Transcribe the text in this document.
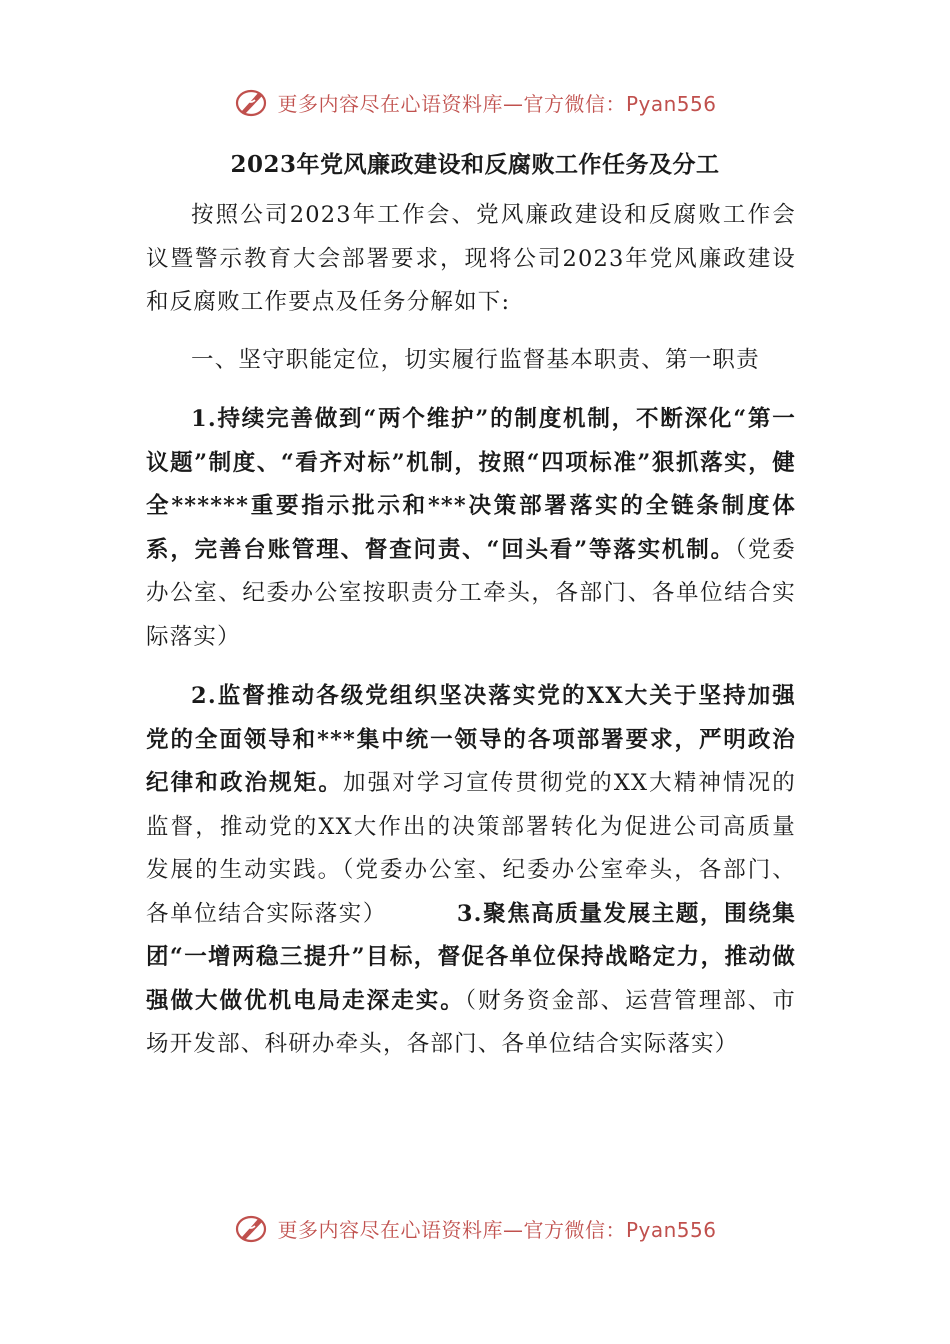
更多内容尽在心语资料库—官方微信：Pyan556
2023年党风廉政建设和反腐败工作任务及分工

按照公司2023年工作会、党风廉政建设和反腐败工作会议暨警示教育大会部署要求，现将公司2023年党风廉政建设和反腐败工作要点及任务分解如下:

一、坚守职能定位，切实履行监督基本职责、第一职责

1.持续完善做到“两个维护”的制度机制，不断深化“第一议题”制度、“看齐对标”机制，按照“四项标准”狠抓落实，健全******重要指示批示和***决策部署落实的全链条制度体系，完善台账管理、督查问责、“回头看”等落实机制。（党委办公室、纪委办公室按职责分工牵头，各部门、各单位结合实际落实）

2.监督推动各级党组织坚决落实党的XX大关于坚持加强党的全面领导和***集中统一领导的各项部署要求，严明政治纪律和政治规矩。加强对学习宣传贯彻党的XX大精神情况的监督，推动党的XX大作出的决策部署转化为促进公司高质量发展的生动实践。（党委办公室、纪委办公室牵头，各部门、各单位结合实际落实）　　　	3.聚焦高质量发展主题，围绕集团“一增两稳三提升”目标，督促各单位保持战略定力，推动做强做大做优机电局走深走实。（财务资金部、运营管理部、市场开发部、科研办牵头，各部门、各单位结合实际落实）

更多内容尽在心语资料库—官方微信：Pyan556
